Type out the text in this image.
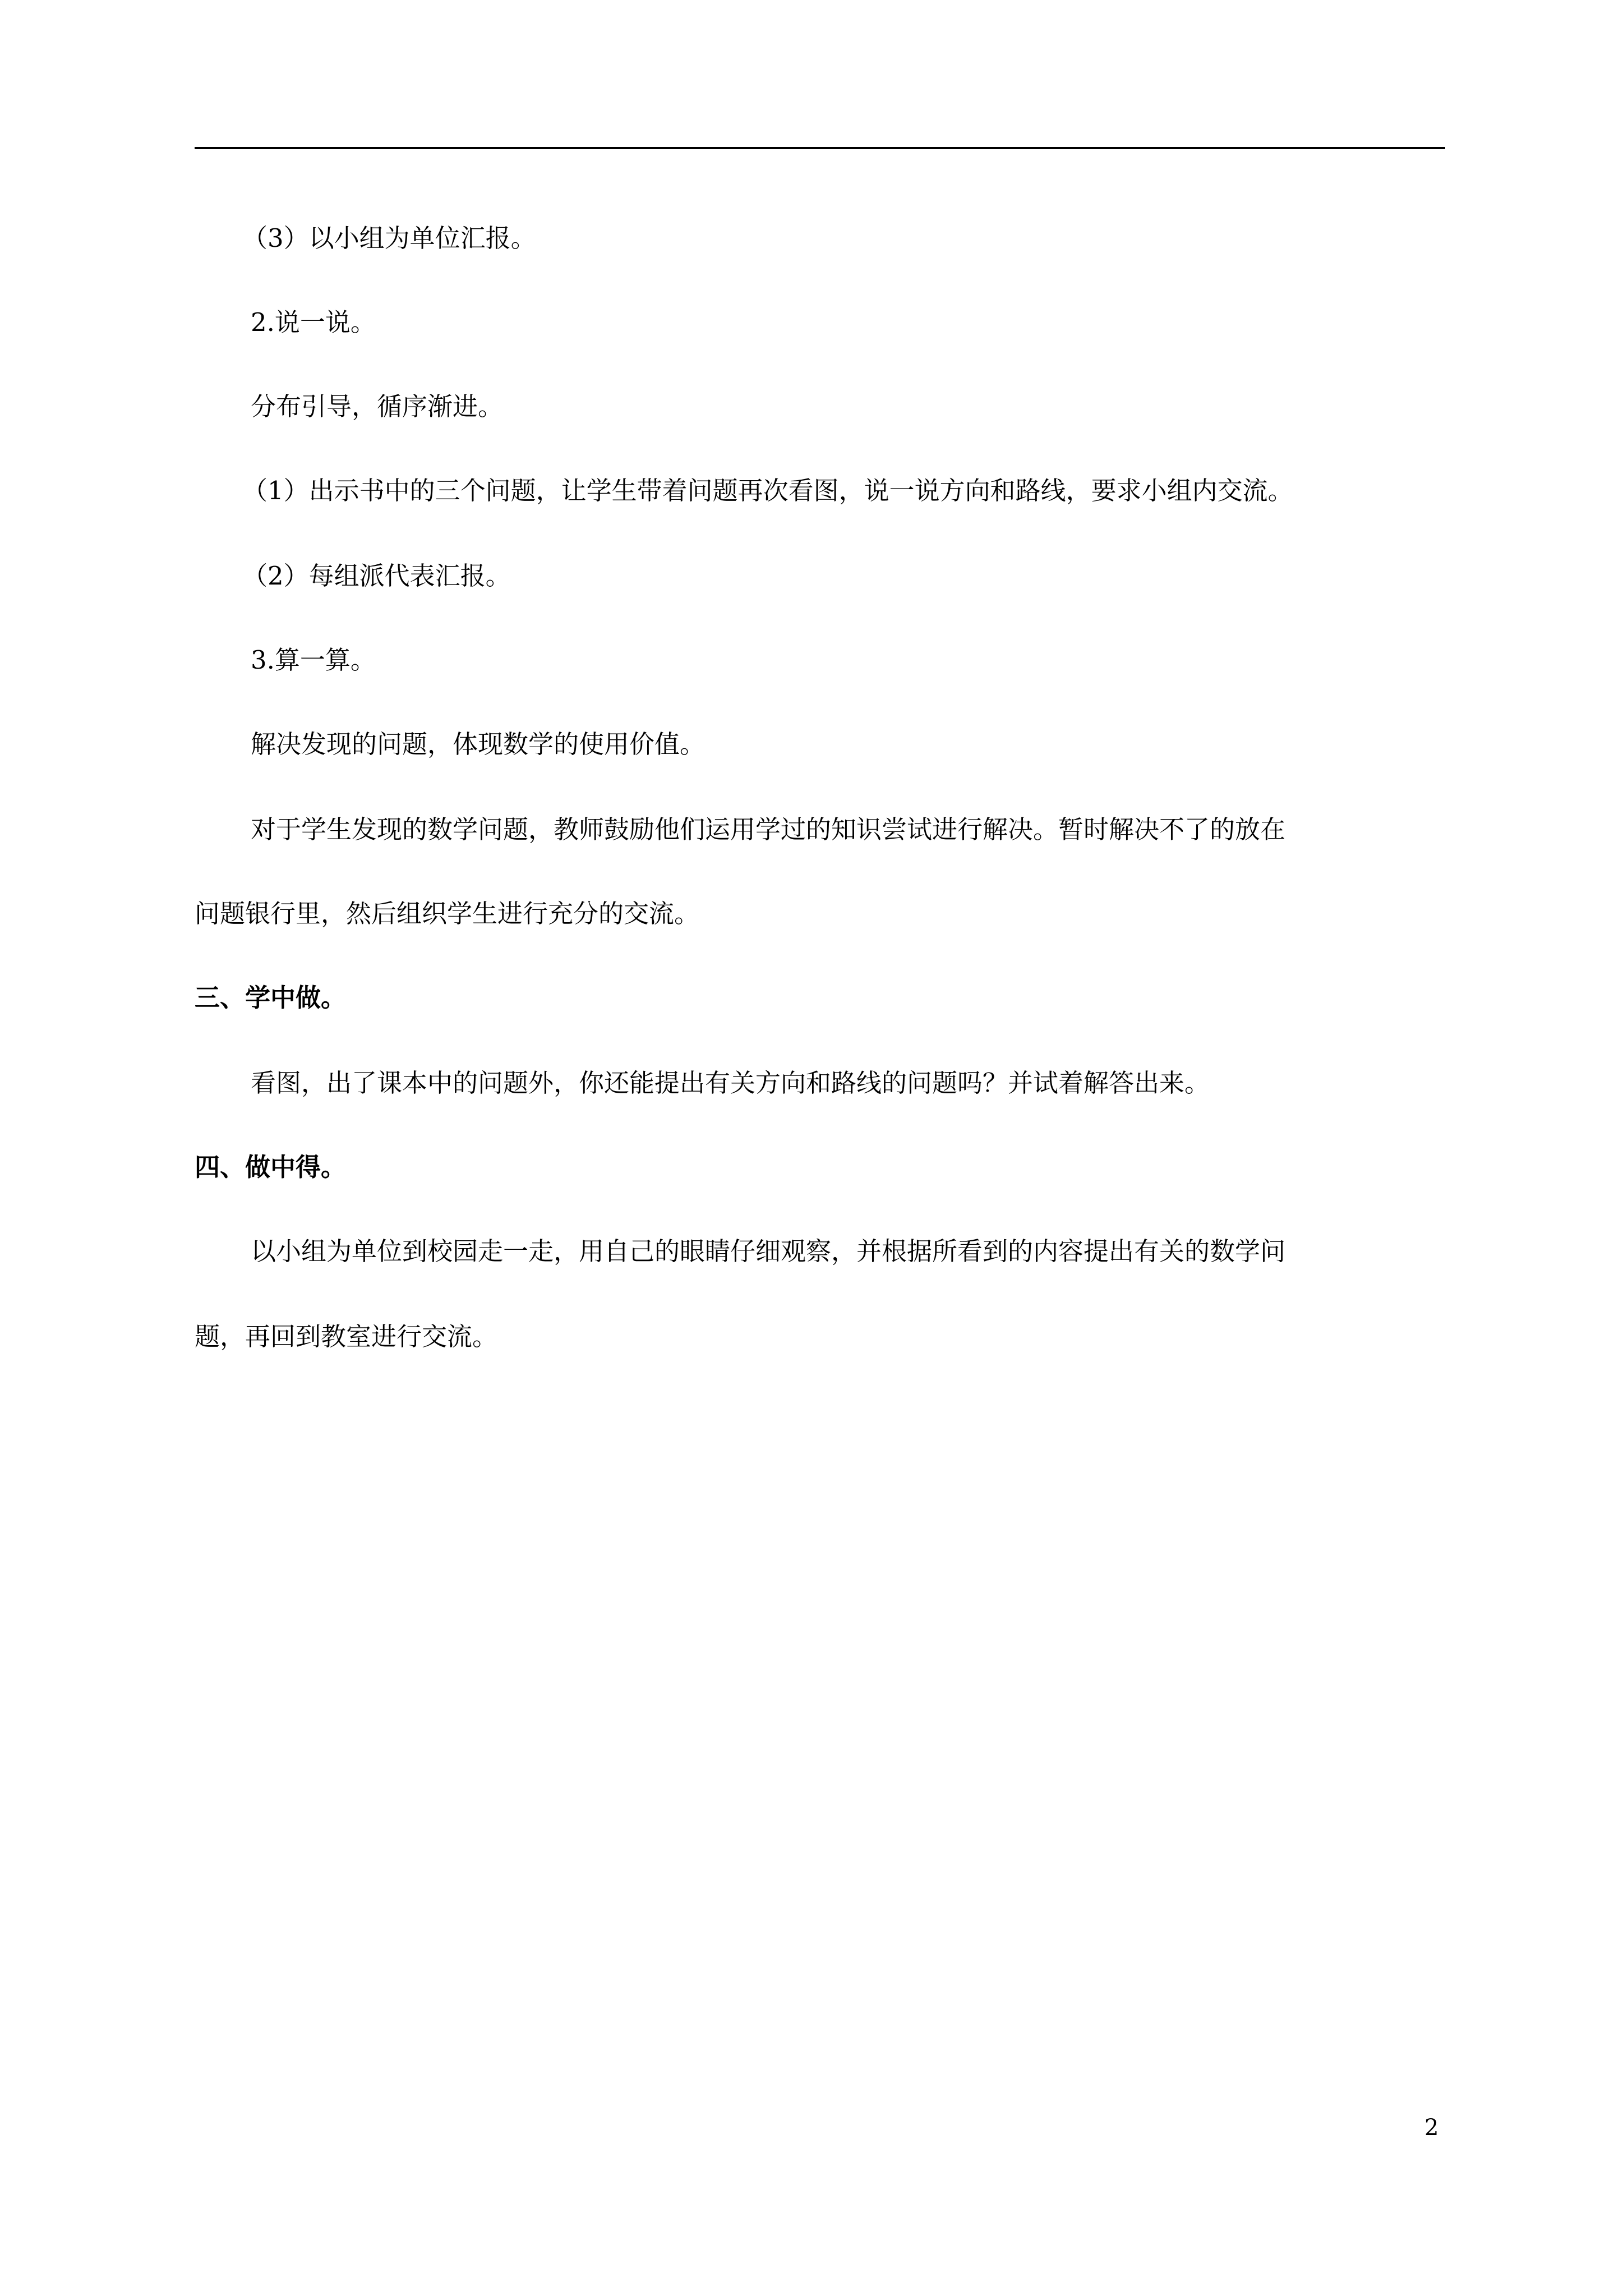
（3）以小组为单位汇报。

2.说一说。

分布引导，循序渐进。

（1）出示书中的三个问题，让学生带着问题再次看图，说一说方向和路线，要求小组内交流。

（2）每组派代表汇报。

3.算一算。

解决发现的问题，体现数学的使用价值。

对于学生发现的数学问题，教师鼓励他们运用学过的知识尝试进行解决。暂时解决不了的放在

问题银行里，然后组织学生进行充分的交流。

三、学中做。

看图，出了课本中的问题外，你还能提出有关方向和路线的问题吗？并试着解答出来。

四、做中得。

以小组为单位到校园走一走，用自己的眼睛仔细观察，并根据所看到的内容提出有关的数学问

题，再回到教室进行交流。

2
